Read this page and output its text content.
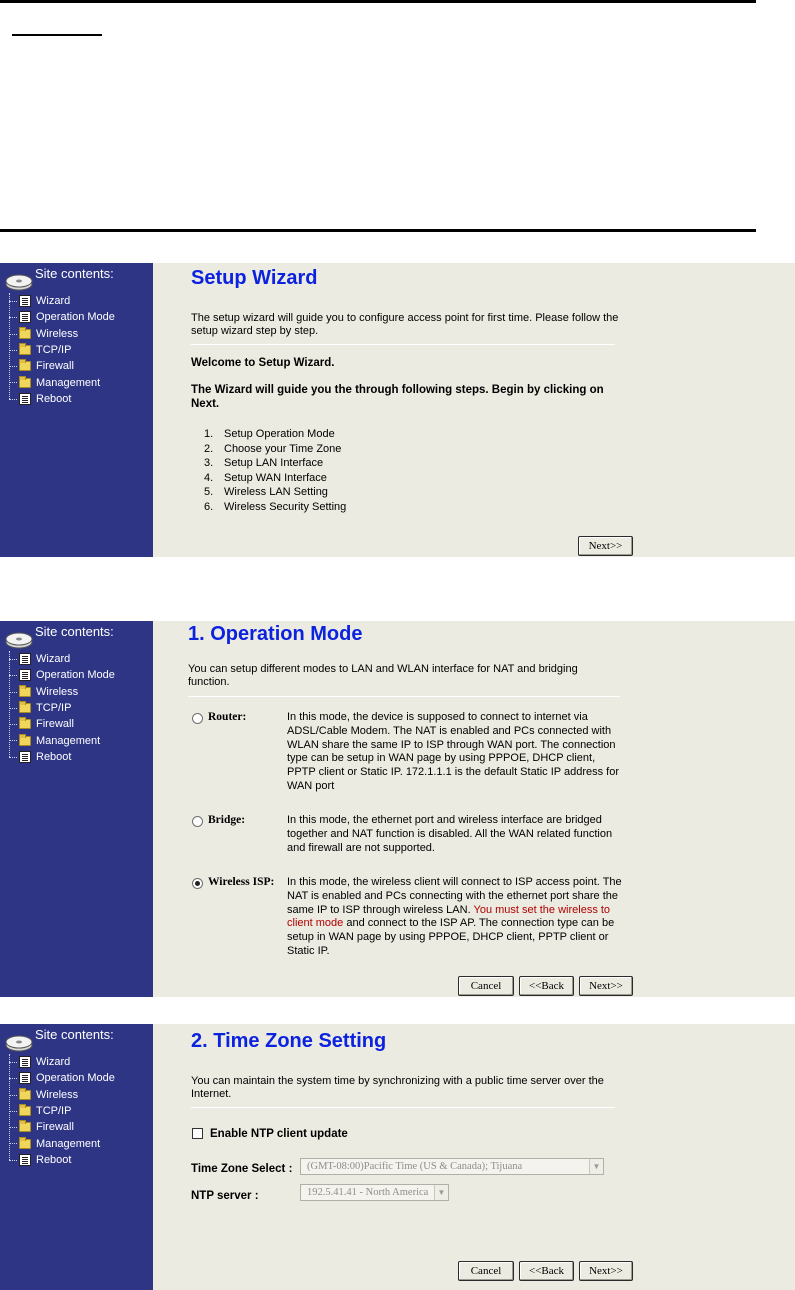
Site contents:
Wizard
Operation Mode
Wireless
TCP/IP
Firewall
Management
Reboot
Setup Wizard

The setup wizard will guide you to configure access point for first time. Please follow the setup wizard step by step.

Welcome to Setup Wizard.

The Wizard will guide you the through following steps. Begin by clicking on Next.

1. Setup Operation Mode
2. Choose your Time Zone
3. Setup LAN Interface
4. Setup WAN Interface
5. Wireless LAN Setting
6. Wireless Security Setting
Next>>
Site contents:
Wizard
Operation Mode
Wireless
TCP/IP
Firewall
Management
Reboot
1. Operation Mode

You can setup different modes to LAN and WLAN interface for NAT and bridging function.

Router:	In this mode, the device is supposed to connect to internet via ADSL/Cable Modem. The NAT is enabled and PCs connected with WLAN share the same IP to ISP through WAN port. The connection type can be setup in WAN page by using PPPOE, DHCP client, PPTP client or Static IP. 172.1.1.1 is the default Static IP address for WAN port

Bridge:	In this mode, the ethernet port and wireless interface are bridged together and NAT function is disabled. All the WAN related function and firewall are not supported.

Wireless ISP: In this mode, the wireless client will connect to ISP access point. The NAT is enabled and PCs connecting with the ethernet port share the same IP to ISP through wireless LAN. You must set the wireless to client mode and connect to the ISP AP. The connection type can be setup in WAN page by using PPPOE, DHCP client, PPTP client or Static IP.

Cancel	<<Back	Next>>
Site contents:
Wizard
Operation Mode
Wireless
TCP/IP
Firewall
Management
Reboot
2. Time Zone Setting

You can maintain the system time by synchronizing with a public time server over the Internet.

Enable NTP client update
Time Zone Select : (GMT-08:00)Pacific Time (US & Canada); Tijuana	▼
NTP server :	192.5.41.41 - North America	▼
Cancel	<<Back	Next>>
